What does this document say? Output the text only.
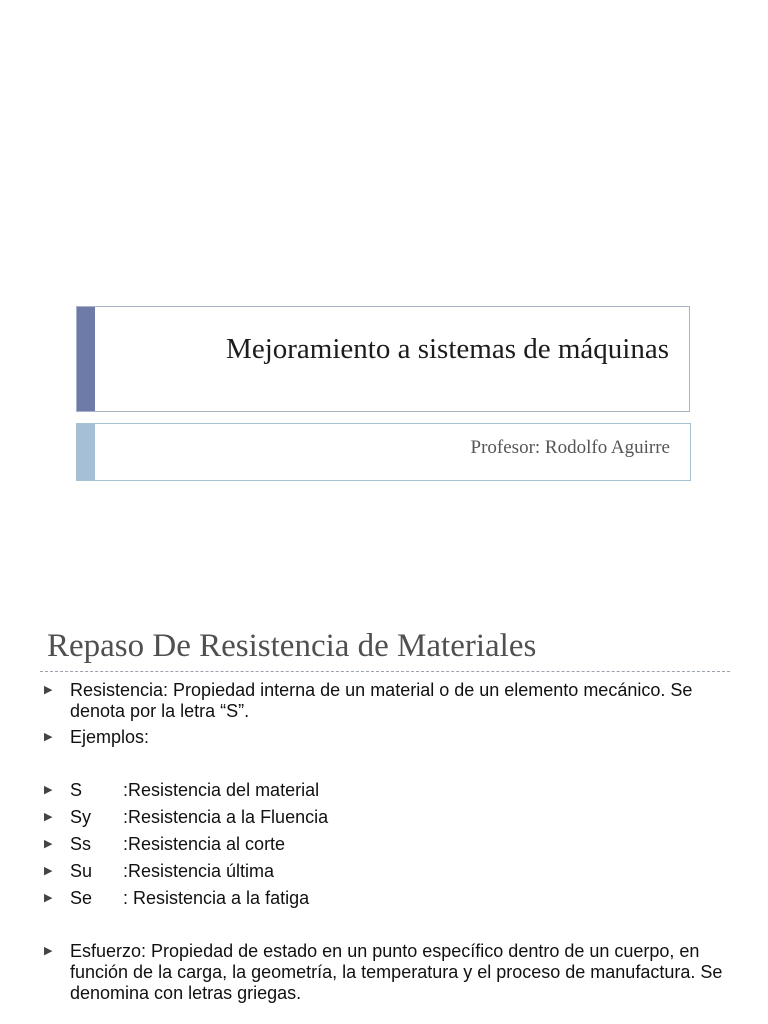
Mejoramiento a sistemas de máquinas
Profesor: Rodolfo Aguirre
Repaso De Resistencia de Materiales
▶ Resistencia: Propiedad interna de un material o de un elemento mecánico. Se denota por la letra “S”.
▶ Ejemplos:
▶ S :Resistencia del material
▶ Sy :Resistencia a la Fluencia
▶ Ss :Resistencia al corte
▶ Su :Resistencia última
▶ Se : Resistencia a la fatiga
▶ Esfuerzo: Propiedad de estado en un punto específico dentro de un cuerpo, en función de la carga, la geometría, la temperatura y el proceso de manufactura. Se denomina con letras griegas.
